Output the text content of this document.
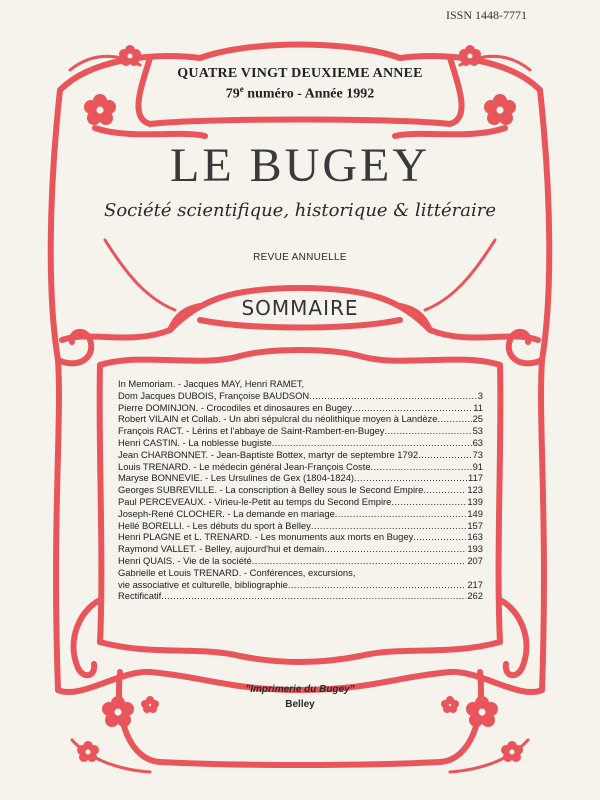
ISSN 1448-7771
QUATRE VINGT DEUXIEME ANNEE
79e numéro - Année 1992
LE BUGEY
Société scientifique, historique & littéraire
REVUE ANNUELLE
SOMMAIRE
In Memoriam. - Jacques MAY, Henri RAMET,
Dom Jacques DUBOIS, Françoise BAUDSON .....	3
Pierre DOMINJON. - Crocodiles et dinosaures en Bugey .....	11
Robert VILAIN et Collab. - Un abri sépulcral du néolithique moyen à Landèze .....	25
François RACT. - Lérins et l'abbaye de Saint-Rambert-en-Bugey .....	53
Henri CASTIN. - La noblesse bugiste .....	63
Jean CHARBONNET. - Jean-Baptiste Bottex, martyr de septembre 1792 .....	73
Louis TRENARD. - Le médecin général Jean-François Coste .....	91
Maryse BONNEVIE. - Les Ursulines de Gex (1804-1824) .....	117
Georges SUBREVILLE. - La conscription à Belley sous le Second Empire .....	123
Paul PERCEVEAUX. - Virieu-le-Petit au temps du Second Empire .....	139
Joseph-René CLOCHER. - La demande en mariage .....	149
Hellé BORELLI. - Les débuts du sport à Belley .....	157
Henri PLAGNE et L. TRENARD. - Les monuments aux morts en Bugey .....	163
Raymond VALLET. - Belley, aujourd'hui et demain .....	193
Henri QUAIS. - Vie de la société .....	207
Gabrielle et Louis TRENARD. - Conférences, excursions,
vie associative et culturelle, bibliographie .....	217
Rectificatif .....	262
"Imprimerie du Bugey"
Belley
